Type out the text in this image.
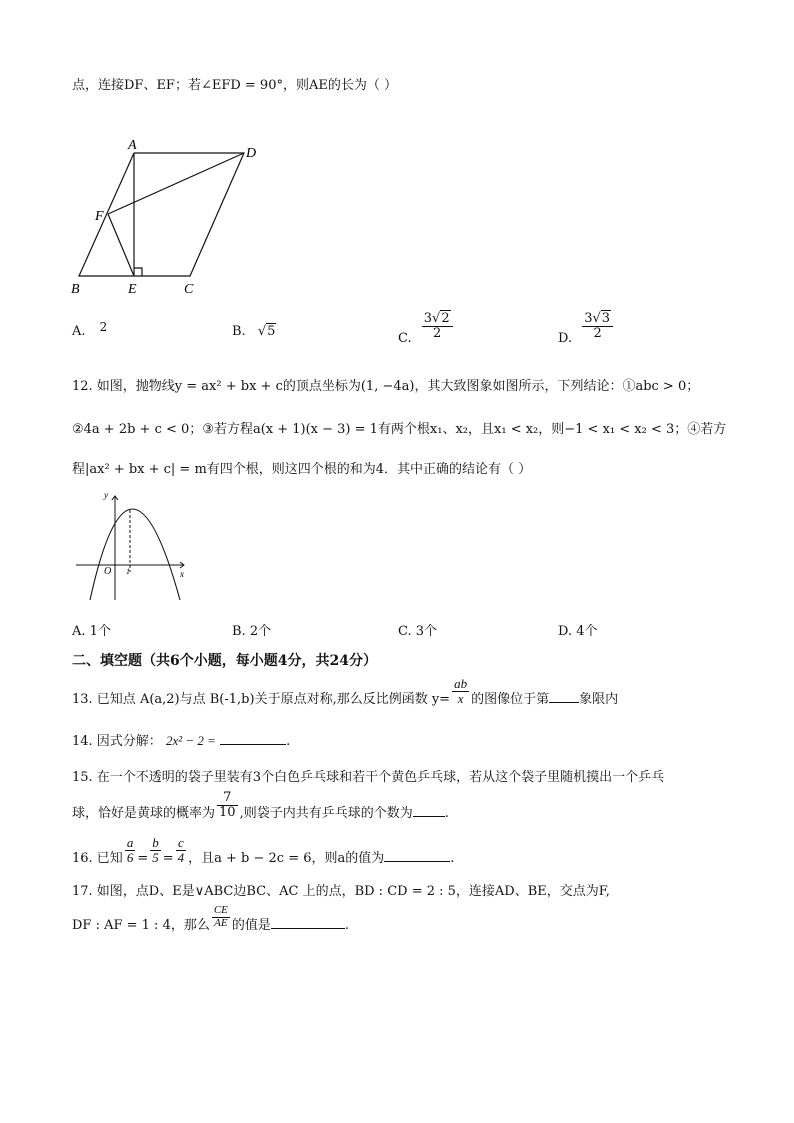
点，连接DF、EF；若∠EFD = 90°，则AE的长为（ ）
A
D
F
B	E	C
A. 2	B. √5	C. $\frac{3√2}{2}$	D. $\frac{3√3}{2}$
12. 如图，抛物线y = ax² + bx + c的顶点坐标为(1, −4a)，其大致图象如图所示，下列结论：①abc > 0；
②4a + 2b + c < 0；③若方程a(x + 1)(x − 3) = 1有两个根x₁、x₂，且x₁ < x₂，则−1 < x₁ < x₂ < 3；④若方
程|ax² + bx + c| = m有四个根，则这四个根的和为4．其中正确的结论有（ ）
y
x
O 1
A. 1个	B. 2个	C. 3个	D. 4个
二、填空题（共6个小题，每小题4分，共24分）
13. 已知点 A(a,2)与点 B(-1,b)关于原点对称,那么反比例函数 $y= \frac{ab}{x}$ 的图像位于第 象限内
14. 因式分解： 2x² − 2 =	.
15. 在一个不透明的袋子里装有3个白色乒乓球和若干个黄色乒乓球，若从这个袋子里随机摸出一个乒乓
球，恰好是黄球的概率为 $\frac{7}{10}$ ,则袋子内共有乒乓球的个数为 .
16. 已知 $\frac{a}{6} = \frac{b}{5} = \frac{c}{4}$ ，且a + b − 2c = 6，则a的值为	.
17. 如图，点D、E是∨ABC边BC、AC 上的点，BD : CD = 2 : 5，连接AD、BE，交点为F,
DF : AF = 1 : 4，那么 $\frac{CE}{AE}$ 的值是	.
